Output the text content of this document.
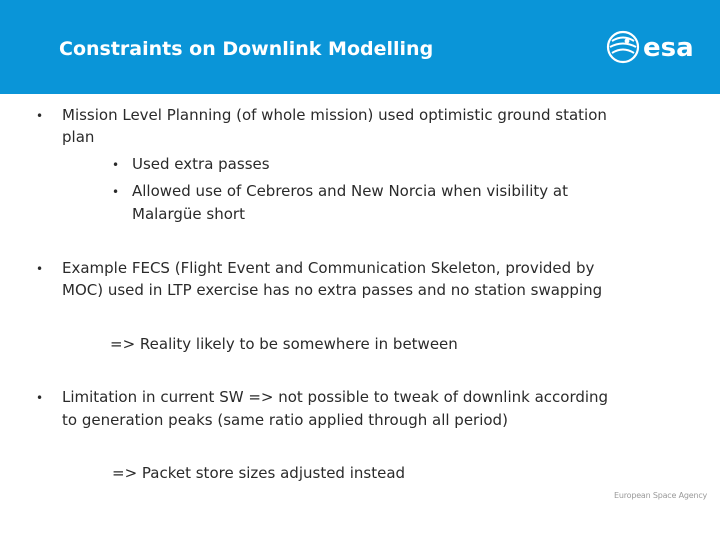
Constraints on Downlink Modelling	esa
• Mission Level Planning (of whole mission) used optimistic ground station
plan
• Used extra passes
• Allowed use of Cebreros and New Norcia when visibility at
Malargüe short
• Example FECS (Flight Event and Communication Skeleton, provided by
MOC) used in LTP exercise has no extra passes and no station swapping
=> Reality likely to be somewhere in between
• Limitation in current SW => not possible to tweak of downlink according
to generation peaks (same ratio applied through all period)
=> Packet store sizes adjusted instead
European Space Agency
